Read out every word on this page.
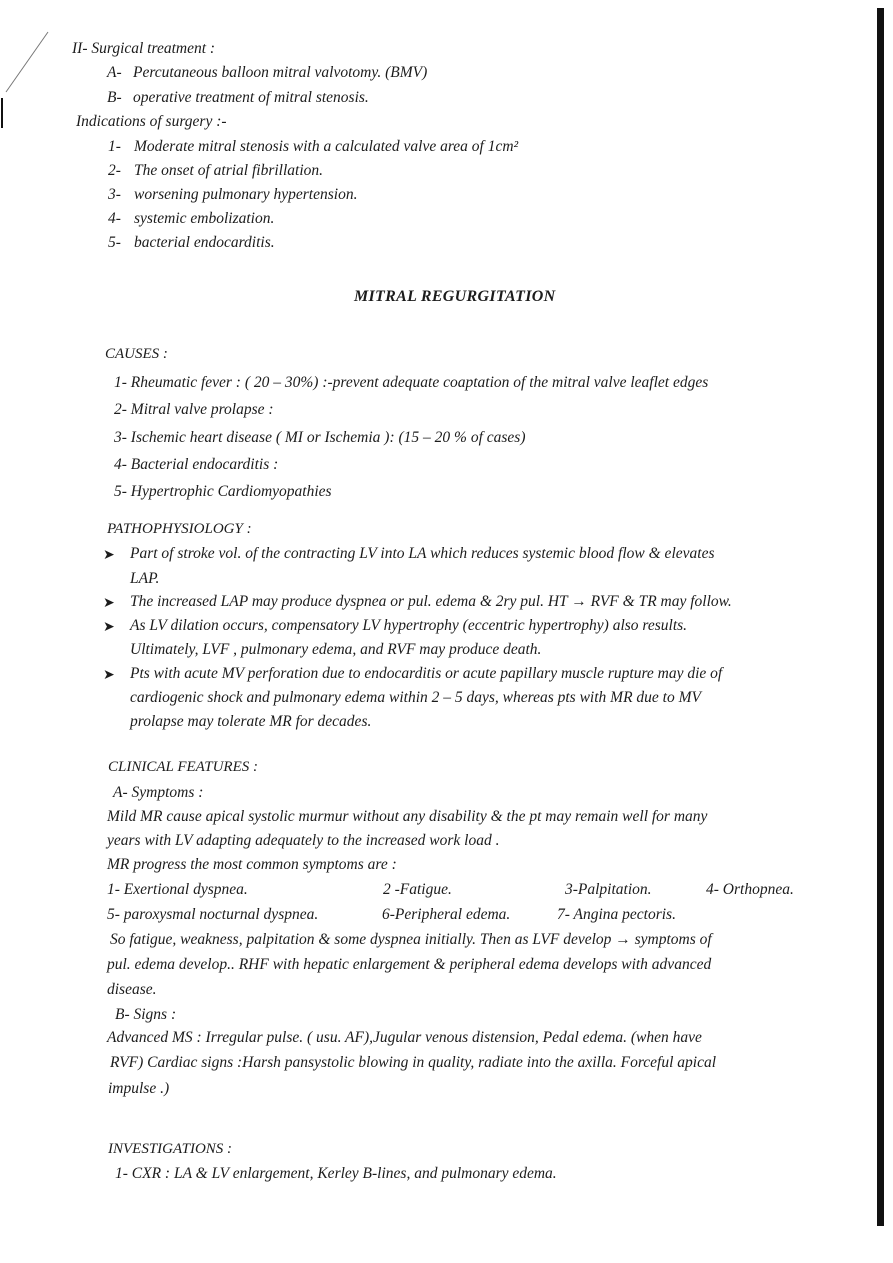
II- Surgical treatment :
A- Percutaneous balloon mitral valvotomy. (BMV)
B- operative treatment of mitral stenosis.
Indications of surgery :-
1- Moderate mitral stenosis with a calculated valve area of 1cm²
2- The onset of atrial fibrillation.
3- worsening pulmonary hypertension.
4- systemic embolization.
5- bacterial endocarditis.
MITRAL REGURGITATION
CAUSES :
1- Rheumatic fever : ( 20 – 30%) :-prevent adequate coaptation of the mitral valve leaflet edges
2- Mitral valve prolapse :
3- Ischemic heart disease ( MI or Ischemia ): (15 – 20 % of cases)
4- Bacterial endocarditis :
5- Hypertrophic Cardiomyopathies
PATHOPHYSIOLOGY :
➤ Part of stroke vol. of the contracting LV into LA which reduces systemic blood flow & elevates
LAP.
➤ The increased LAP may produce dyspnea or pul. edema & 2ry pul. HT → RVF & TR may follow.
➤ As LV dilation occurs, compensatory LV hypertrophy (eccentric hypertrophy) also results.
Ultimately, LVF , pulmonary edema, and RVF may produce death.
➤ Pts with acute MV perforation due to endocarditis or acute papillary muscle rupture may die of
cardiogenic shock and pulmonary edema within 2 – 5 days, whereas pts with MR due to MV
prolapse may tolerate MR for decades.
CLINICAL FEATURES :
A- Symptoms :
Mild MR cause apical systolic murmur without any disability & the pt may remain well for many
years with LV adapting adequately to the increased work load .
MR progress the most common symptoms are :
1- Exertional dyspnea.	2 -Fatigue.	3-Palpitation.	4- Orthopnea.
5- paroxysmal nocturnal dyspnea.	6-Peripheral edema.	7- Angina pectoris.
So fatigue, weakness, palpitation & some dyspnea initially. Then as LVF develop → symptoms of
pul. edema develop.. RHF with hepatic enlargement & peripheral edema develops with advanced
disease.
B- Signs :
Advanced MS : Irregular pulse. ( usu. AF),Jugular venous distension, Pedal edema. (when have
RVF) Cardiac signs :Harsh pansystolic blowing in quality, radiate into the axilla. Forceful apical
impulse .)
INVESTIGATIONS :
1- CXR : LA & LV enlargement, Kerley B-lines, and pulmonary edema.
